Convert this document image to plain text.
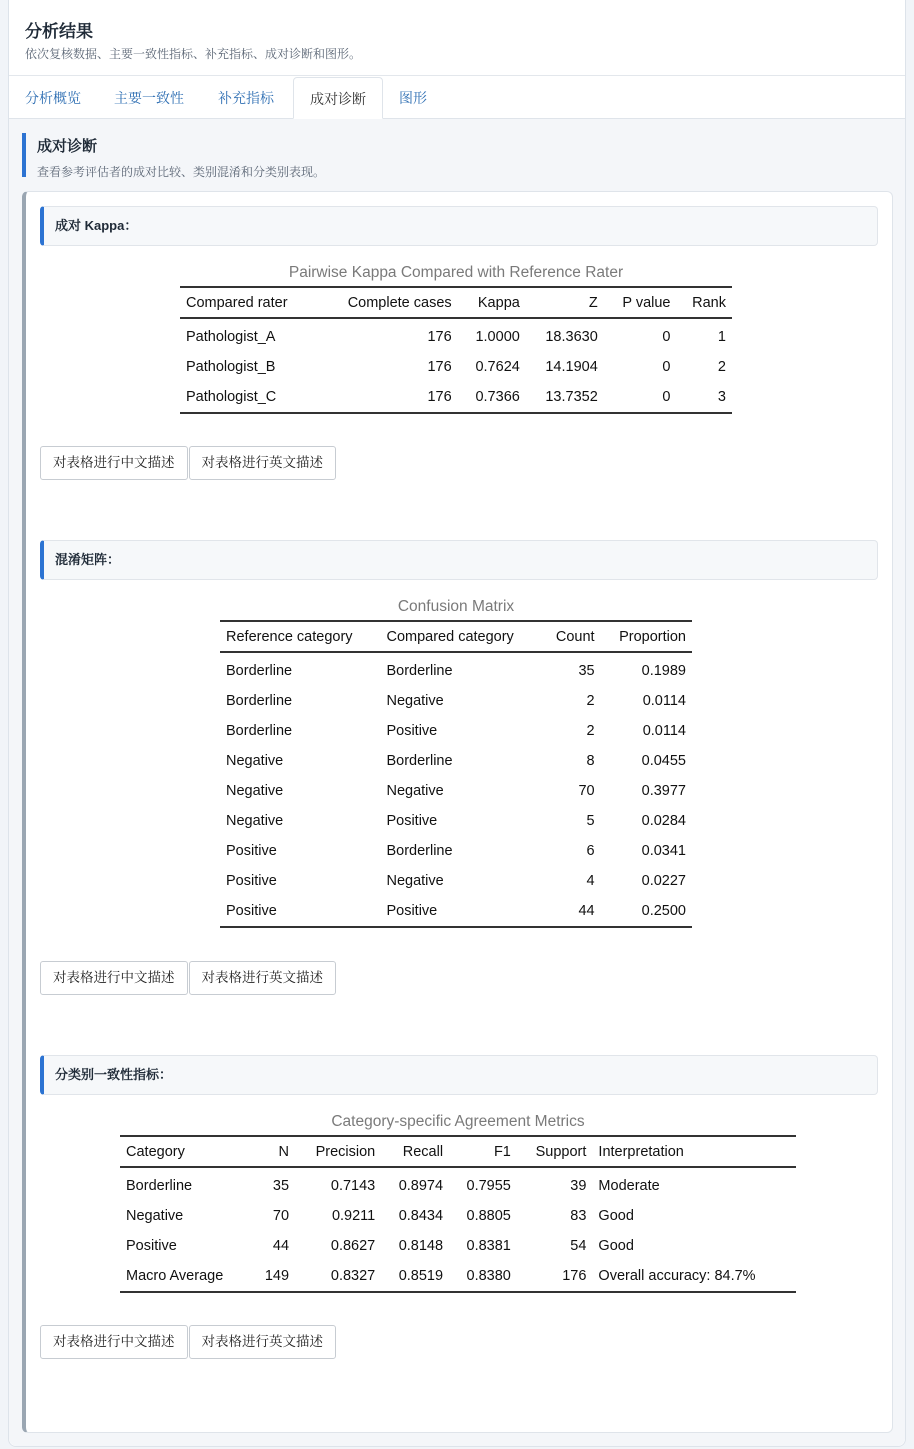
分析结果
依次复核数据、主要一致性指标、补充指标、成对诊断和图形。
分析概览	主要一致性	补充指标	成对诊断	图形
成对诊断
查看参考评估者的成对比较、类别混淆和分类别表现。
成对 Kappa：
Pairwise Kappa Compared with Reference Rater
Compared rater	Complete cases	Kappa	Z	P value	Rank
Pathologist_A	176	1.0000	18.3630	0	1
Pathologist_B	176	0.7624	14.1904	0	2
Pathologist_C	176	0.7366	13.7352	0	3
对表格进行中文描述 对表格进行英文描述
混淆矩阵：
Confusion Matrix
Reference category	Compared category	Count	Proportion
Borderline	Borderline	35	0.1989
Borderline	Negative	2	0.0114
Borderline	Positive	2	0.0114
Negative	Borderline	8	0.0455
Negative	Negative	70	0.3977
Negative	Positive	5	0.0284
Positive	Borderline	6	0.0341
Positive	Negative	4	0.0227
Positive	Positive	44	0.2500
对表格进行中文描述 对表格进行英文描述
分类别一致性指标：
Category-specific Agreement Metrics
Category	N	Precision	Recall	F1	Support	Interpretation
Borderline	35	0.7143	0.8974	0.7955	39	Moderate
Negative	70	0.9211	0.8434	0.8805	83	Good
Positive	44	0.8627	0.8148	0.8381	54	Good
Macro Average	149	0.8327	0.8519	0.8380	176	Overall accuracy: 84.7%
对表格进行中文描述 对表格进行英文描述
